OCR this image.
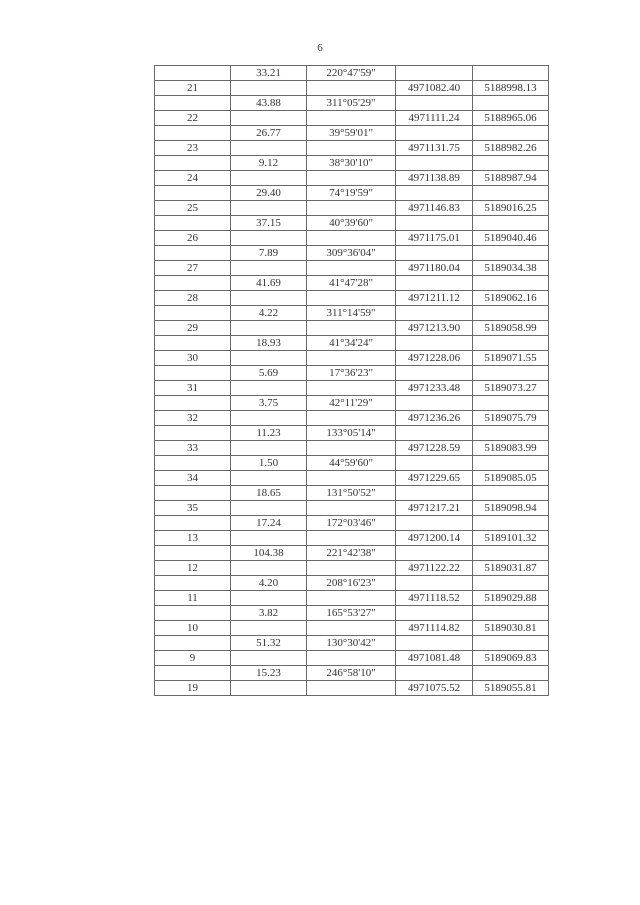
6
	33.21	220°47'59"		
21			4971082.40	5188998.13
	43.88	311°05'29"		
22			4971111.24	5188965.06
	26.77	39°59'01"		
23			4971131.75	5188982.26
	9.12	38°30'10"		
24			4971138.89	5188987.94
	29.40	74°19'59"		
25			4971146.83	5189016.25
	37.15	40°39'60"		
26			4971175.01	5189040.46
	7.89	309°36'04"		
27			4971180.04	5189034.38
	41.69	41°47'28"		
28			4971211.12	5189062.16
	4.22	311°14'59"		
29			4971213.90	5189058.99
	18.93	41°34'24"		
30			4971228.06	5189071.55
	5.69	17°36'23"		
31			4971233.48	5189073.27
	3.75	42°11'29"		
32			4971236.26	5189075.79
	11.23	133°05'14"		
33			4971228.59	5189083.99
	1.50	44°59'60"		
34			4971229.65	5189085.05
	18.65	131°50'52"		
35			4971217.21	5189098.94
	17.24	172°03'46"		
13			4971200.14	5189101.32
	104.38	221°42'38"		
12			4971122.22	5189031.87
	4.20	208°16'23"		
11			4971118.52	5189029.88
	3.82	165°53'27"		
10			4971114.82	5189030.81
	51.32	130°30'42"		
9			4971081.48	5189069.83
	15.23	246°58'10"		
19			4971075.52	5189055.81
